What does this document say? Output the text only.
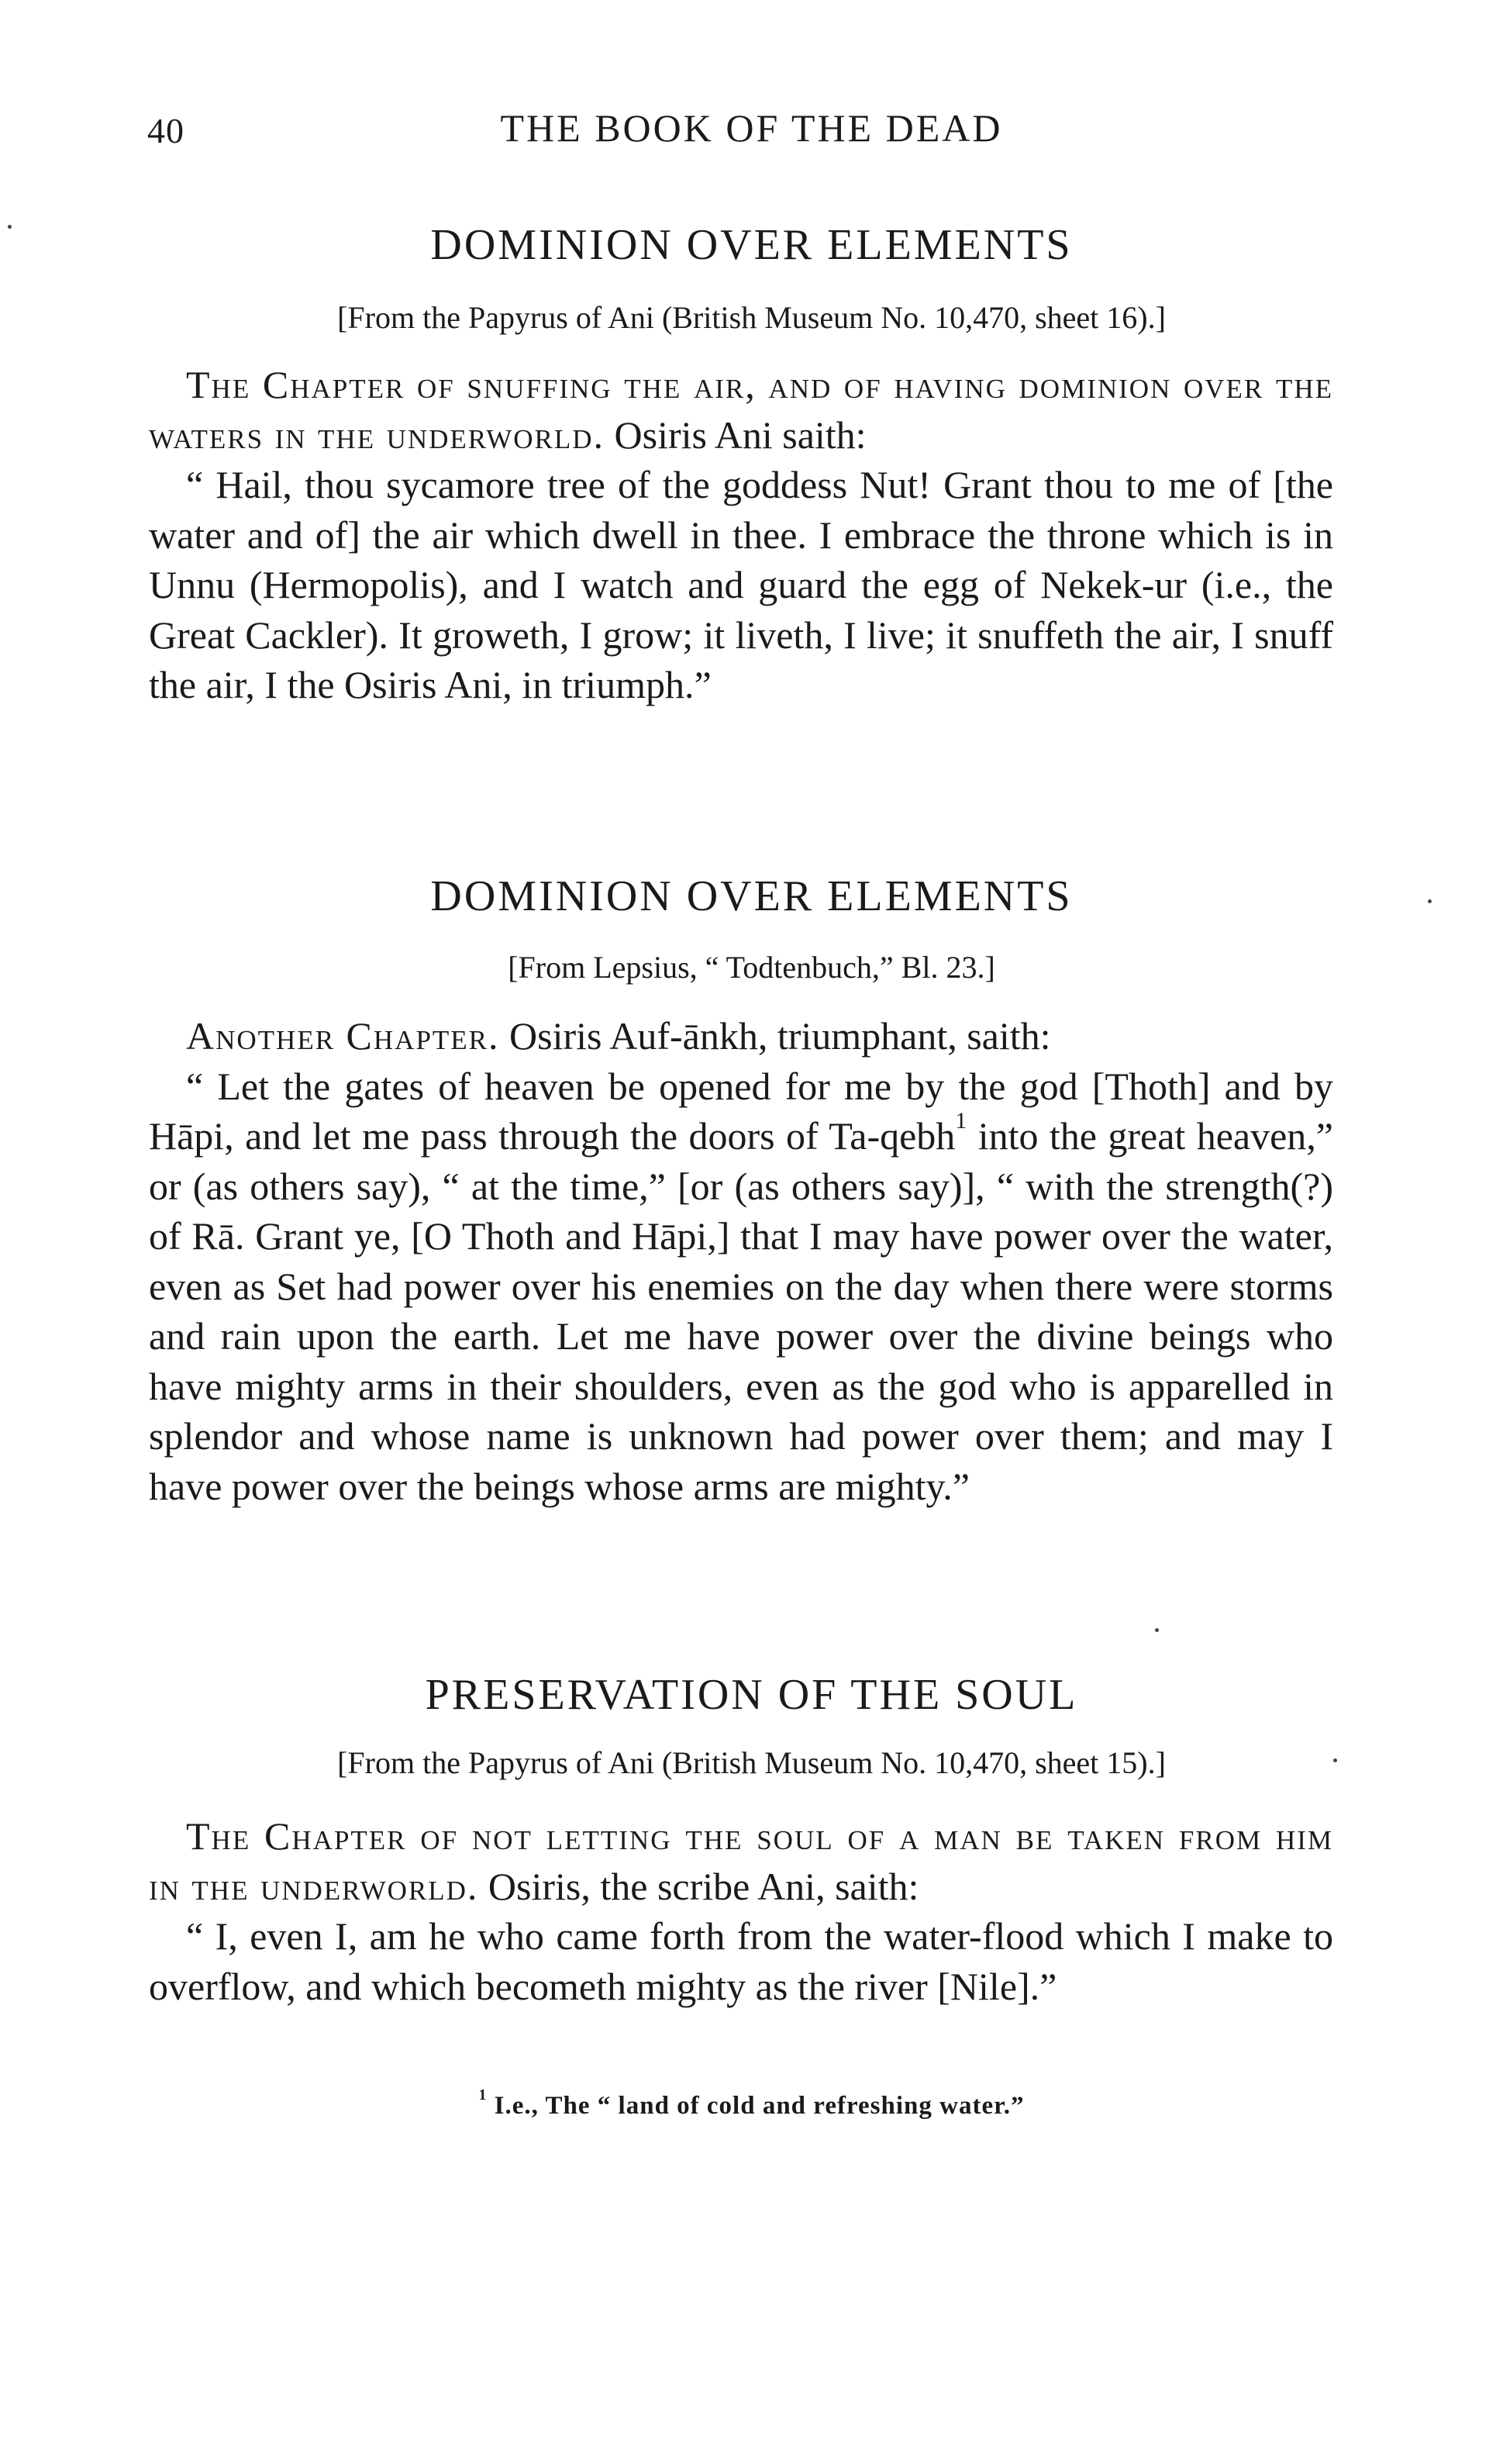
40	THE BOOK OF THE DEAD
DOMINION OVER ELEMENTS
[From the Papyrus of Ani (British Museum No. 10,470, sheet 16).]

The Chapter of snuffing the air, and of having dominion over the waters in the underworld. Osiris Ani saith:

“ Hail, thou sycamore tree of the goddess Nut! Grant thou to me of [the water and of] the air which dwell in thee. I embrace the throne which is in Unnu (Hermopolis), and I watch and guard the egg of Nekek-ur (i.e., the Great Cackler). It groweth, I grow; it liveth, I live; it snuffeth the air, I snuff the air, I the Osiris Ani, in triumph.”

DOMINION OVER ELEMENTS
[From Lepsius, “ Todtenbuch,” Bl. 23.]

Another Chapter. Osiris Auf-ānkh, triumphant, saith:

“ Let the gates of heaven be opened for me by the god [Thoth] and by Hāpi, and let me pass through the doors of Ta-qebh$^1$ into the great heaven,” or (as others say), “ at the time,” [or (as others say)], “ with the strength(?) of Rā. Grant ye, [O Thoth and Hāpi,] that I may have power over the water, even as Set had power over his enemies on the day when there were storms and rain upon the earth. Let me have power over the divine beings who have mighty arms in their shoulders, even as the god who is apparelled in splendor and whose name is unknown had power over them; and may I have power over the beings whose arms are mighty.”

PRESERVATION OF THE SOUL
[From the Papyrus of Ani (British Museum No. 10,470, sheet 15).]

The Chapter of not letting the soul of a man be taken from him in the underworld. Osiris, the scribe Ani, saith:

“ I, even I, am he who came forth from the water-flood which I make to overflow, and which becometh mighty as the river [Nile].”

$^1$ I.e., The “ land of cold and refreshing water.”
